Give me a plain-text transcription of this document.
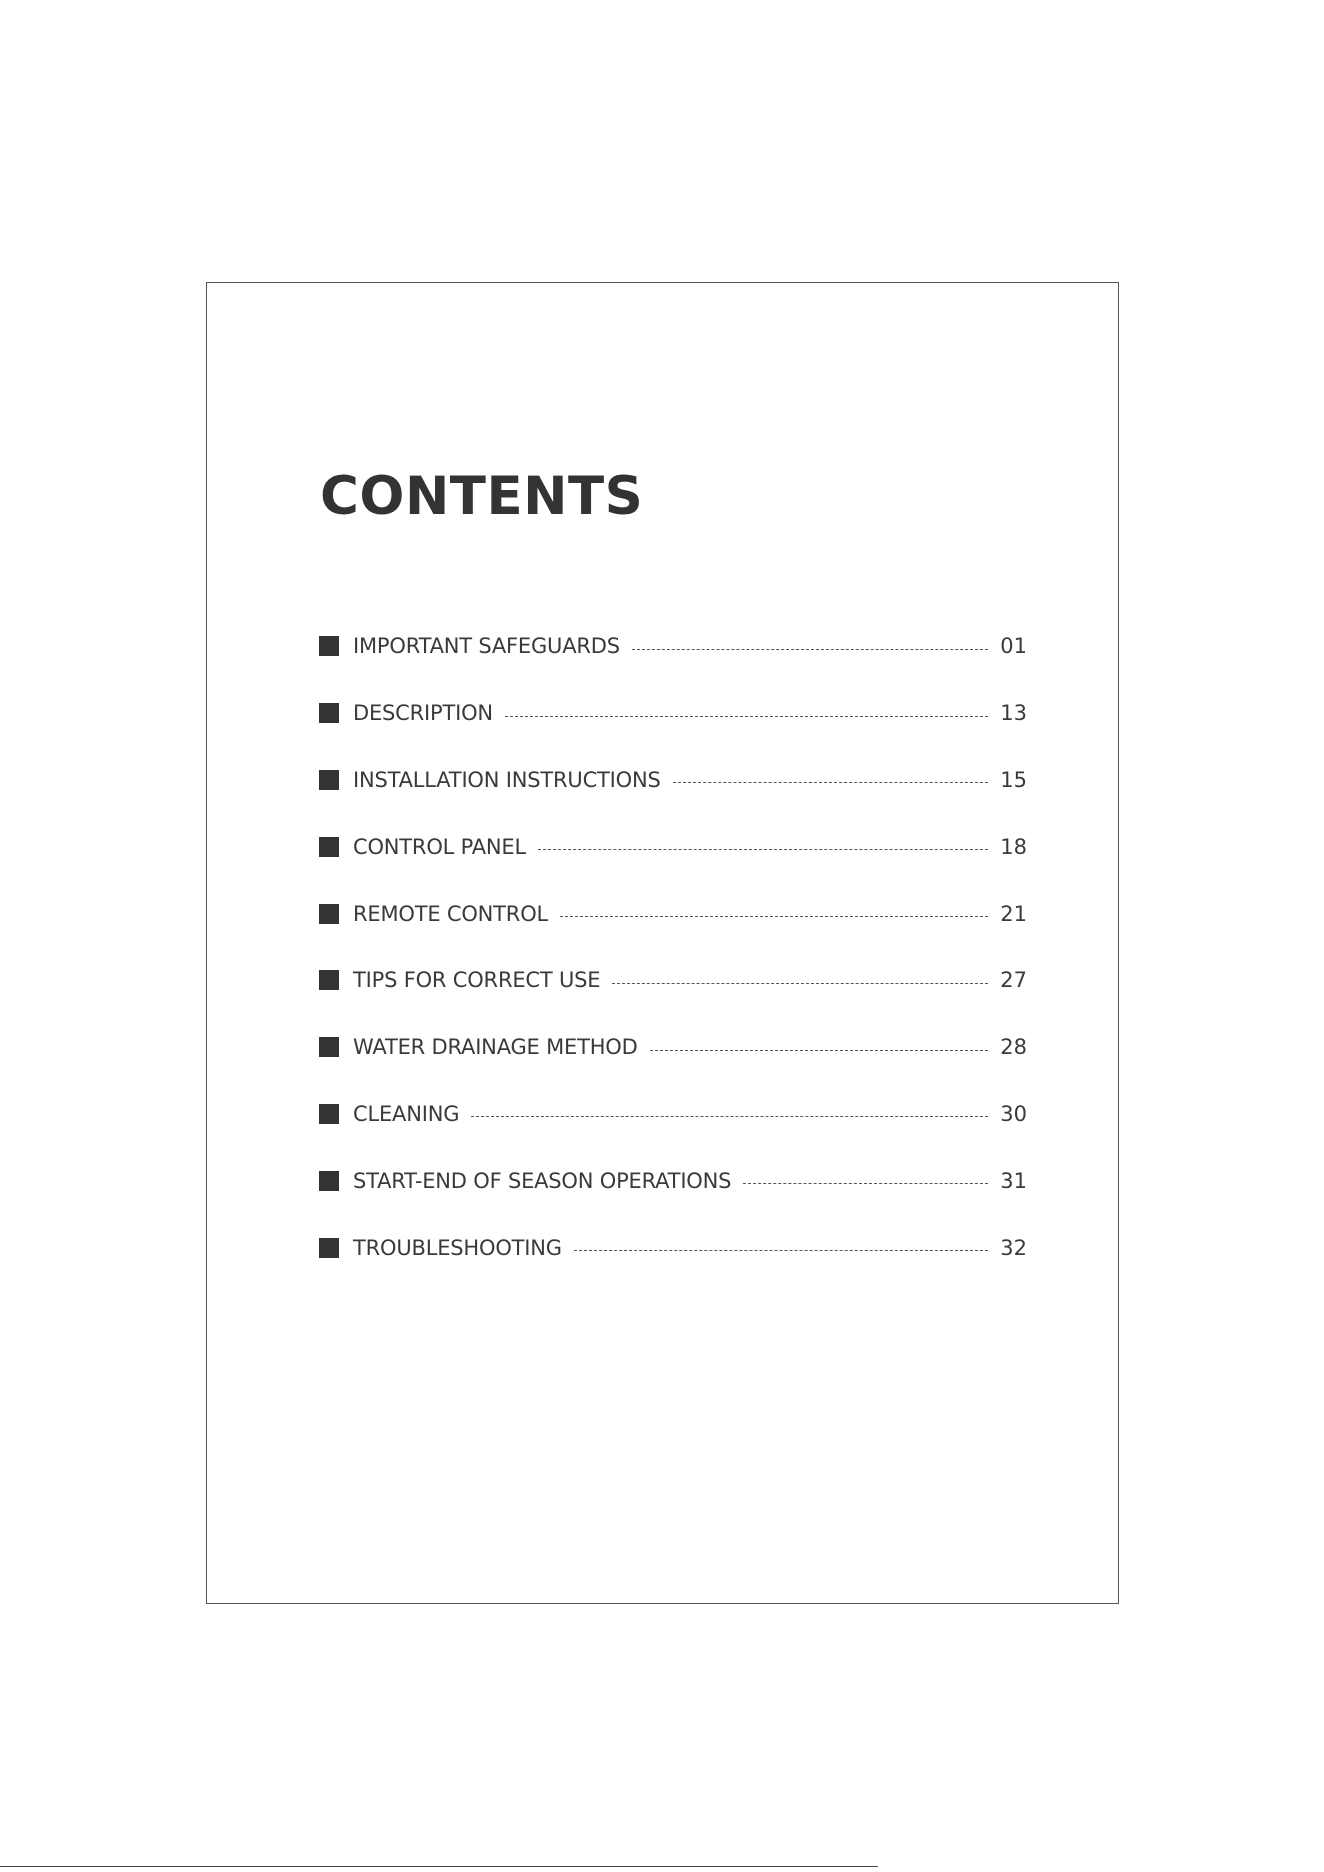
CONTENTS
IMPORTANT SAFEGUARDS	01
DESCRIPTION	13
INSTALLATION INSTRUCTIONS	15
CONTROL PANEL	18
REMOTE CONTROL	21
TIPS FOR CORRECT USE	27
WATER DRAINAGE METHOD	28
CLEANING	30
START-END OF SEASON OPERATIONS	31
TROUBLESHOOTING	32
